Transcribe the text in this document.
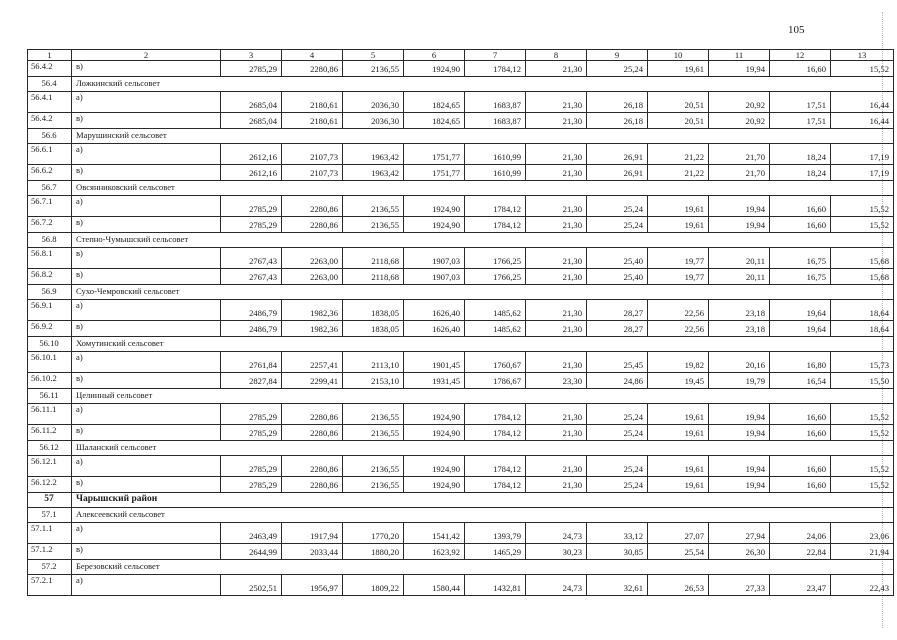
105
1	2	3	4	5	6	7	8	9	10	11	12	13
56.4.2	в)	2785,29	2280,86	2136,55	1924,90	1784,12	21,30	25,24	19,61	19,94	16,60	15,52
56.4	Ложкинский сельсовет											
56.4.1	а)	2685,04	2180,61	2036,30	1824,65	1683,87	21,30	26,18	20,51	20,92	17,51	16,44
56.4.2	в)	2685,04	2180,61	2036,30	1824,65	1683,87	21,30	26,18	20,51	20,92	17,51	16,44
56.6	Марушинский сельсовет											
56.6.1	а)	2612,16	2107,73	1963,42	1751,77	1610,99	21,30	26,91	21,22	21,70	18,24	17,19
56.6.2	в)	2612,16	2107,73	1963,42	1751,77	1610,99	21,30	26,91	21,22	21,70	18,24	17,19
56.7	Овсянниковский сельсовет											
56.7.1	а)	2785,29	2280,86	2136,55	1924,90	1784,12	21,30	25,24	19,61	19,94	16,60	15,52
56.7.2	в)	2785,29	2280,86	2136,55	1924,90	1784,12	21,30	25,24	19,61	19,94	16,60	15,52
56.8	Степно-Чумышский сельсовет											
56.8.1	в)	2767,43	2263,00	2118,68	1907,03	1766,25	21,30	25,40	19,77	20,11	16,75	15,68
56.8.2	в)	2767,43	2263,00	2118,68	1907,03	1766,25	21,30	25,40	19,77	20,11	16,75	15,68
56.9	Сухо-Чемровский сельсовет											
56.9.1	а)	2486,79	1982,36	1838,05	1626,40	1485,62	21,30	28,27	22,56	23,18	19,64	18,64
56.9.2	в)	2486,79	1982,36	1838,05	1626,40	1485,62	21,30	28,27	22,56	23,18	19,64	18,64
56.10	Хомутинский сельсовет											
56.10.1	а)	2761,84	2257,41	2113,10	1901,45	1760,67	21,30	25,45	19,82	20,16	16,80	15,73
56.10.2	в)	2827,84	2299,41	2153,10	1931,45	1786,67	23,30	24,86	19,45	19,79	16,54	15,50
56.11	Целинный сельсовет											
56.11.1	а)	2785,29	2280,86	2136,55	1924,90	1784,12	21,30	25,24	19,61	19,94	16,60	15,52
56.11.2	в)	2785,29	2280,86	2136,55	1924,90	1784,12	21,30	25,24	19,61	19,94	16,60	15,52
56.12	Шаланский сельсовет											
56.12.1	а)	2785,29	2280,86	2136,55	1924,90	1784,12	21,30	25,24	19,61	19,94	16,60	15,52
56.12.2	в)	2785,29	2280,86	2136,55	1924,90	1784,12	21,30	25,24	19,61	19,94	16,60	15,52
57	Чарышский район											
57.1	Алексеевский сельсовет											
57.1.1	а)	2463,49	1917,94	1770,20	1541,42	1393,79	24,73	33,12	27,07	27,94	24,06	23,06
57.1.2	в)	2644,99	2033,44	1880,20	1623,92	1465,29	30,23	30,85	25,54	26,30	22,84	21,94
57.2	Березовский сельсовет											
57.2.1	а)	2502,51	1956,97	1809,22	1580,44	1432,81	24,73	32,61	26,53	27,33	23,47	22,43
